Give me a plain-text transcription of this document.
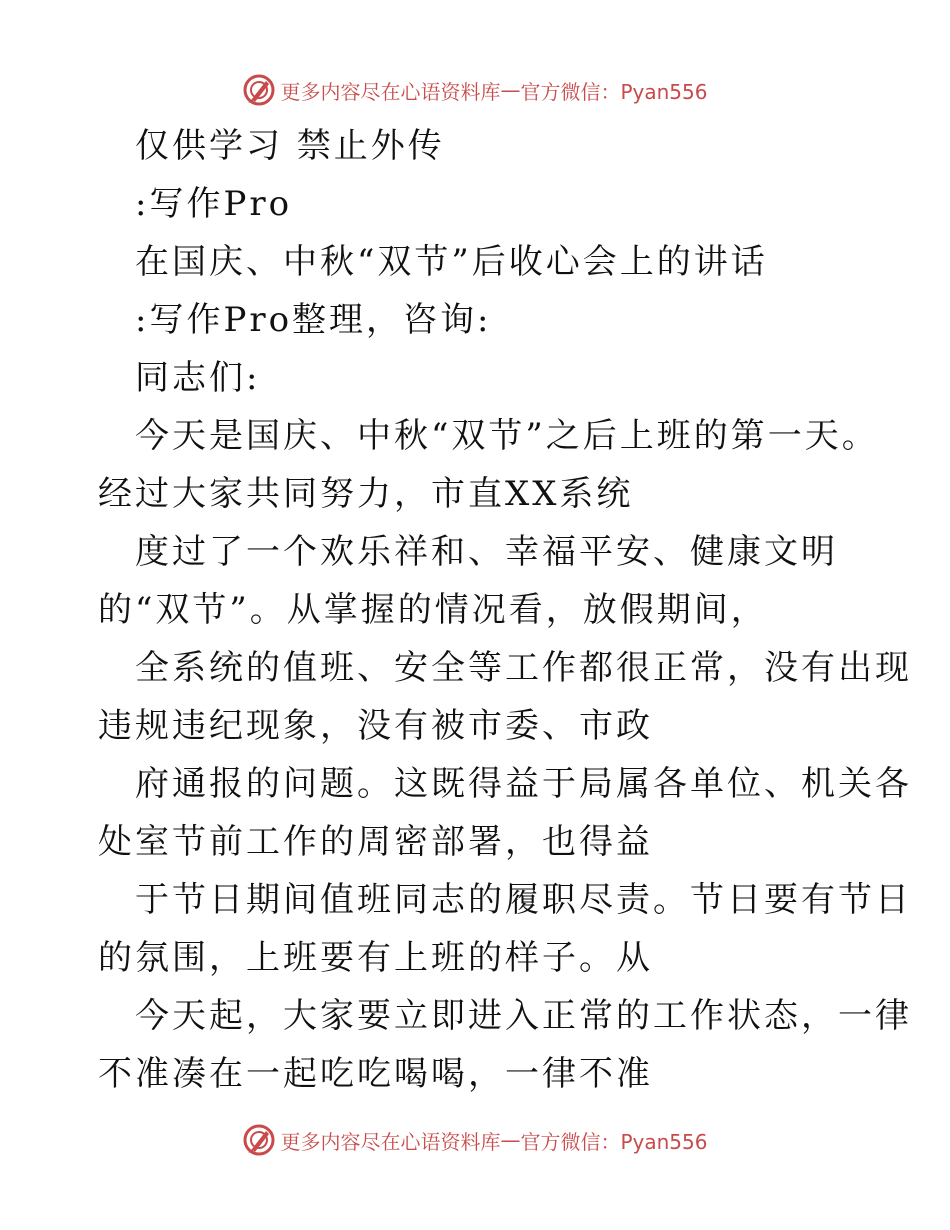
更多内容尽在心语资料库 — 官方微信：Pyan556
仅供学习 禁止外传
:写作Pro
在国庆、中秋“双节”后收心会上的讲话
:写作Pro整理，咨询:
同志们:
今天是国庆、中秋“双节”之后上班的第一天。
经过大家共同努力，市直XX系统
度过了一个欢乐祥和、幸福平安、健康文明
的“双节”。从掌握的情况看，放假期间，
全系统的值班、安全等工作都很正常，没有出现
违规违纪现象，没有被市委、市政
府通报的问题。这既得益于局属各单位、机关各
处室节前工作的周密部署，也得益
于节日期间值班同志的履职尽责。节日要有节日
的氛围，上班要有上班的样子。从
今天起，大家要立即进入正常的工作状态，一律
不准凑在一起吃吃喝喝，一律不准
更多内容尽在心语资料库 — 官方微信：Pyan556
